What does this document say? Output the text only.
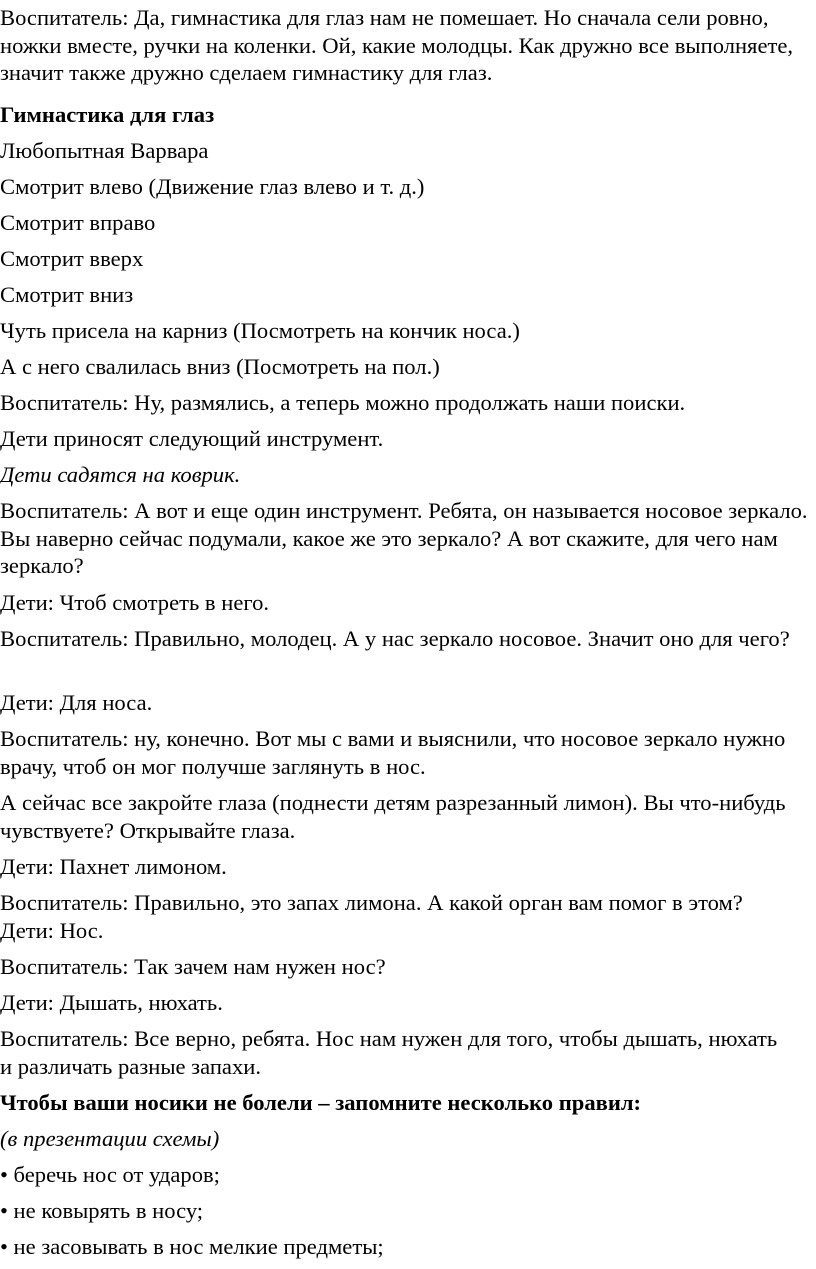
Воспитатель: Да, гимнастика для глаз нам не помешает. Но сначала сели ровно, ножки вместе, ручки на коленки. Ой, какие молодцы. Как дружно все выполняете, значит также дружно сделаем гимнастику для глаз.

Гимнастика для глаз

Любопытная Варвара

Смотрит влево (Движение глаз влево и т. д.)

Смотрит вправо

Смотрит вверх

Смотрит вниз

Чуть присела на карниз (Посмотреть на кончик носа.)

А с него свалилась вниз (Посмотреть на пол.)

Воспитатель: Ну, размялись, а теперь можно продолжать наши поиски.

Дети приносят следующий инструмент.

Дети садятся на коврик.

Воспитатель: А вот и еще один инструмент. Ребята, он называется носовое зеркало. Вы наверно сейчас подумали, какое же это зеркало? А вот скажите, для чего нам зеркало?

Дети: Чтоб смотреть в него.

Воспитатель: Правильно, молодец. А у нас зеркало носовое. Значит оно для чего?

Дети: Для носа.

Воспитатель: ну, конечно. Вот мы с вами и выяснили, что носовое зеркало нужно врачу, чтоб он мог получше заглянуть в нос.

А сейчас все закройте глаза (поднести детям разрезанный лимон). Вы что-нибудь чувствуете? Открывайте глаза.

Дети: Пахнет лимоном.

Воспитатель: Правильно, это запах лимона. А какой орган вам помог в этом?

Дети: Нос.

Воспитатель: Так зачем нам нужен нос?

Дети: Дышать, нюхать.

Воспитатель: Все верно, ребята. Нос нам нужен для того, чтобы дышать, нюхать и различать разные запахи.

Чтобы ваши носики не болели – запомните несколько правил:

(в презентации схемы)

• беречь нос от ударов;

• не ковырять в носу;

• не засовывать в нос мелкие предметы;
